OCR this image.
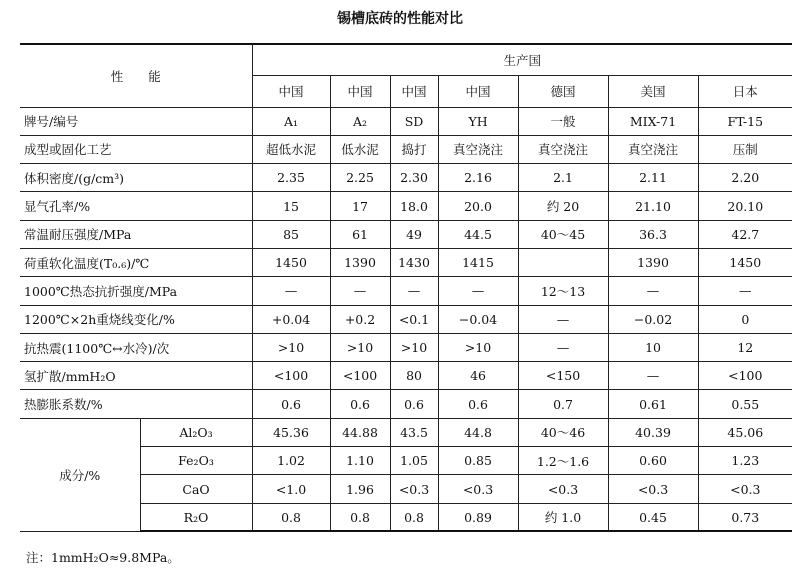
锡槽底砖的性能对比
性　　能		生产国						
		中国	中国	中国	中国	德国	美国	日本
牌号/编号		A₁	A₂	SD	YH	一般	MIX-71	FT-15
成型或固化工艺		超低水泥	低水泥	捣打	真空浇注	真空浇注	真空浇注	压制
体积密度/(g/cm³)		2.35	2.25	2.30	2.16	2.1	2.11	2.20
显气孔率/%		15	17	18.0	20.0	约 20	21.10	20.10
常温耐压强度/MPa		85	61	49	44.5	40～45	36.3	42.7
荷重软化温度(T₀.₆)/℃		1450	1390	1430	1415		1390	1450
1000℃热态抗折强度/MPa		—	—	—	—	12～13	—	—
1200℃×2h重烧线变化/%		+0.04	+0.2	<0.1	−0.04	—	−0.02	0
抗热震(1100℃↔水冷)/次		>10	>10	>10	>10	—	10	12
氢扩散/mmH₂O		<100	<100	80	46	<150	—	<100
热膨胀系数/%		0.6	0.6	0.6	0.6	0.7	0.61	0.55
成分/%	Al₂O₃	45.36	44.88	43.5	44.8	40～46	40.39	45.06
	Fe₂O₃	1.02	1.10	1.05	0.85	1.2～1.6	0.60	1.23
	CaO	<1.0	1.96	<0.3	<0.3	<0.3	<0.3	<0.3
	R₂O	0.8	0.8	0.8	0.89	约 1.0	0.45	0.73
注：1mmH₂O≈9.8MPa。
